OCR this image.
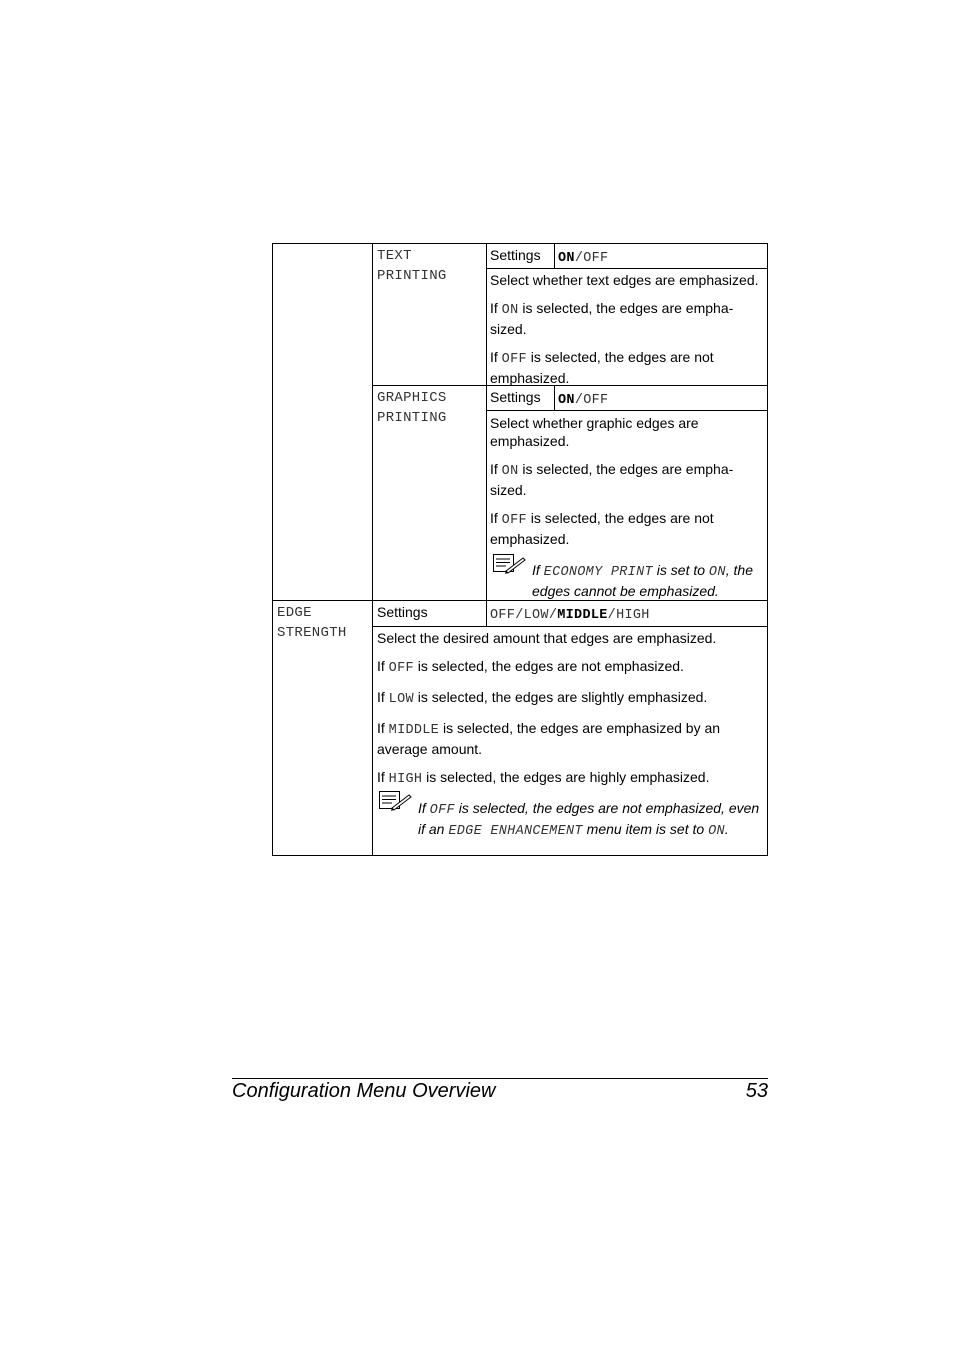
TEXT
PRINTING
Settings ON/OFF

Select whether text edges are emphasized.

If ON is selected, the edges are empha-sized.

If OFF is selected, the edges are not emphasized.

GRAPHICS
PRINTING
Settings ON/OFF

Select whether graphic edges are emphasized.

If ON is selected, the edges are empha-sized.

If OFF is selected, the edges are not emphasized.

If ECONOMY PRINT is set to ON, the edges cannot be emphasized.
EDGE
STRENGTH
Settings	OFF/LOW/MIDDLE/HIGH

Select the desired amount that edges are emphasized.

If OFF is selected, the edges are not emphasized.

If LOW is selected, the edges are slightly emphasized.

If MIDDLE is selected, the edges are emphasized by an average amount.

If HIGH is selected, the edges are highly emphasized.

If OFF is selected, the edges are not emphasized, even if an EDGE ENHANCEMENT menu item is set to ON.
Configuration Menu Overview	53
